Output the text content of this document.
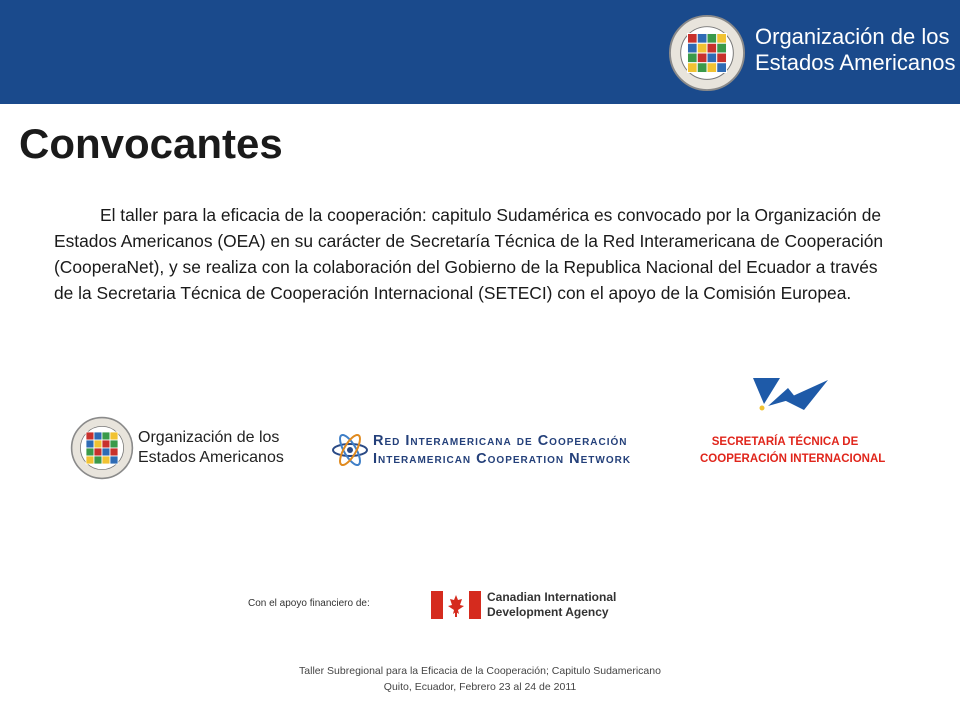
Organización de los
Estados Americanos
Convocantes

El taller para la eficacia de la cooperación: capitulo Sudamérica es convocado por la Organización de Estados Americanos (OEA) en su carácter de Secretaría Técnica de la Red Interamericana de Cooperación (CooperaNet), y se realiza con la colaboración del Gobierno de la Republica Nacional del Ecuador a través de la Secretaria Técnica de Cooperación Internacional (SETECI) con el apoyo de la Comisión Europea.

Organización de los
Estados Americanos
Red Interamericana de Cooperación
Interamerican Cooperation Network
SECRETARÍA TÉCNICA DE
COOPERACIÓN INTERNACIONAL
Con el apoyo financiero de:	Canadian International
Development Agency
Taller Subregional para la Eficacia de la Cooperación; Capitulo Sudamericano
Quito, Ecuador, Febrero 23 al 24 de 2011
